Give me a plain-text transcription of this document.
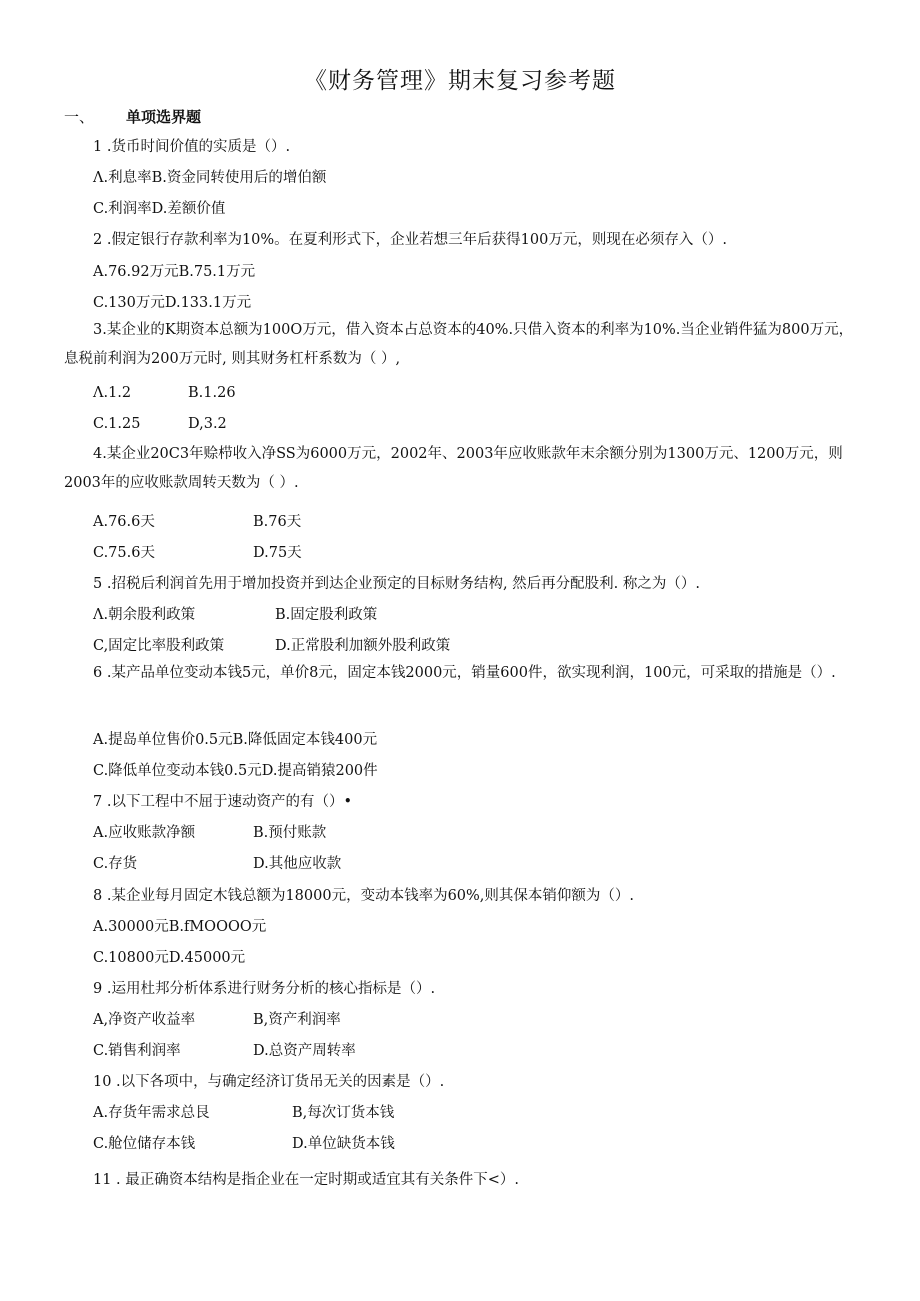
《财务管理》期末复习参考题
一、 单项选界题
1 .货币时间价值的实质是（）.
Λ.利息率B.资金同转使用后的增伯额
C.利润率D.差额价值
2 .假定银行存款利率为10%。在夏利形式下，企业若想三年后获得100万元，则现在必须存入（）.
A.76.92万元B.75.1万元
C.130万元D.133.1万元
3.某企业的K期资本总额为100O万元，借入资本占总资本的40%.只借入资本的利率为10%.当企业销件猛为800万元，息税前利润为200万元时, 则其财务杠杆系数为（ ）,
Λ.1.2	B.1.26
C.1.25	D,3.2
4.某企业20C3年赊栉收入净SS为6000万元，2002年、2003年应收账款年末余额分别为1300万元、1200万元，则2003年的应收账款周转天数为（ ）.
A.76.6天	B.76天
C.75.6天	D.75天
5 .招税后利润首先用于增加投资并到达企业预定的目标财务结构, 然后再分配股利. 称之为（）.
Λ.朝余股利政策	B.固定股利政策
C,固定比率股利政策	D.正常股利加额外股利政策
6 .某产品单位变动本钱5元，单价8元，固定本钱2000元，销量600件，欲实现利润，100元，可采取的措施是（）.
A.提岛单位售价0.5元B.降低固定本钱400元
C.降低单位变动本钱0.5元D.提高销猿200件
7 .以下工程中不屈于速动资产的有（）•
A.应收账款净额	B.预付账款
C.存货	D.其他应收款
8 .某企业每月固定木钱总额为18000元，变动本钱率为60%,则其保本销仰额为（）.
A.30000元B.fMOOOO元
C.10800元D.45000元
9 .运用杜邦分析体系进行财务分析的核心指标是（）.
A,净资产收益率	B,资产利润率
C.销售利润率	D.总资产周转率
10 .以下各项中，与确定经济订货吊无关的因素是（）.
A.存货年需求总艮	B,每次订货本钱
C.舱位储存本钱	D.单位缺货本钱
11 . 最正确资本结构是指企业在一定时期或适宜其有关条件下<）.
